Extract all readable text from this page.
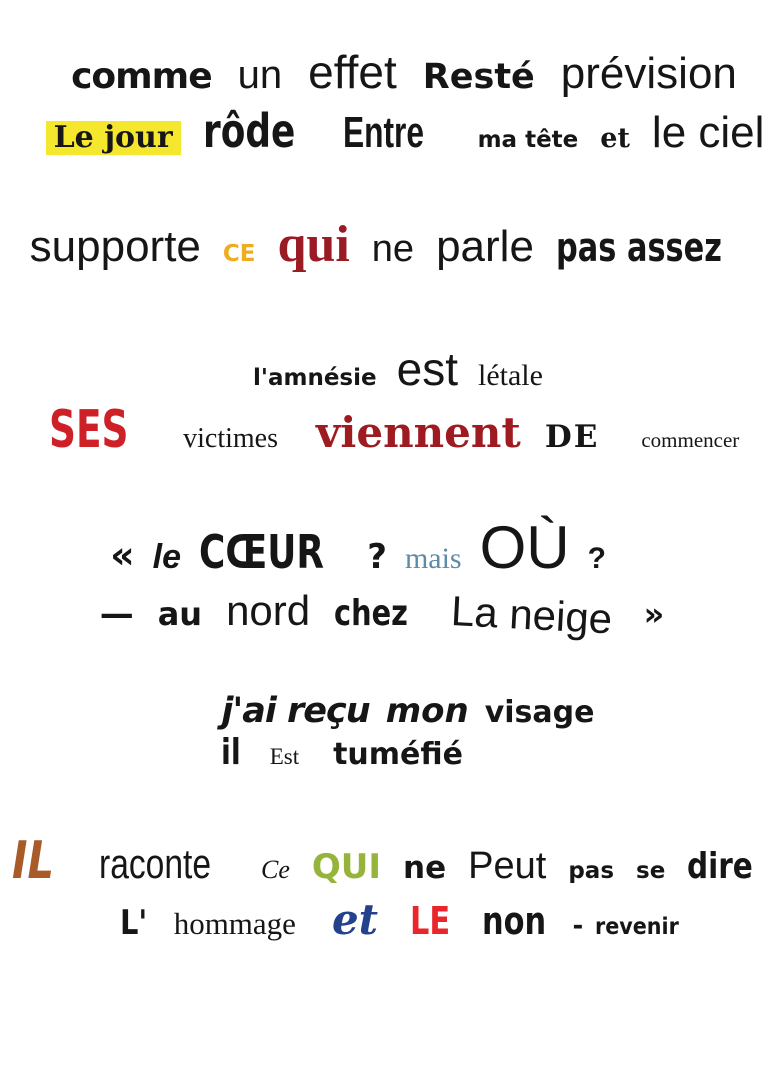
comme un effet Resté prévision
Le jour rôde Entre ma tête et le ciel
supporte CE qui ne parle pas assez
l'amnésie est létale
SES victimes viennent DE commencer
« le CŒUR ? mais OÙ ?
— au nord chez La neige »
j'ai reçu mon visage
il Est tuméfié
IL raconte Ce QUI ne Peut pas se dire
L' hommage et LE non - revenir
